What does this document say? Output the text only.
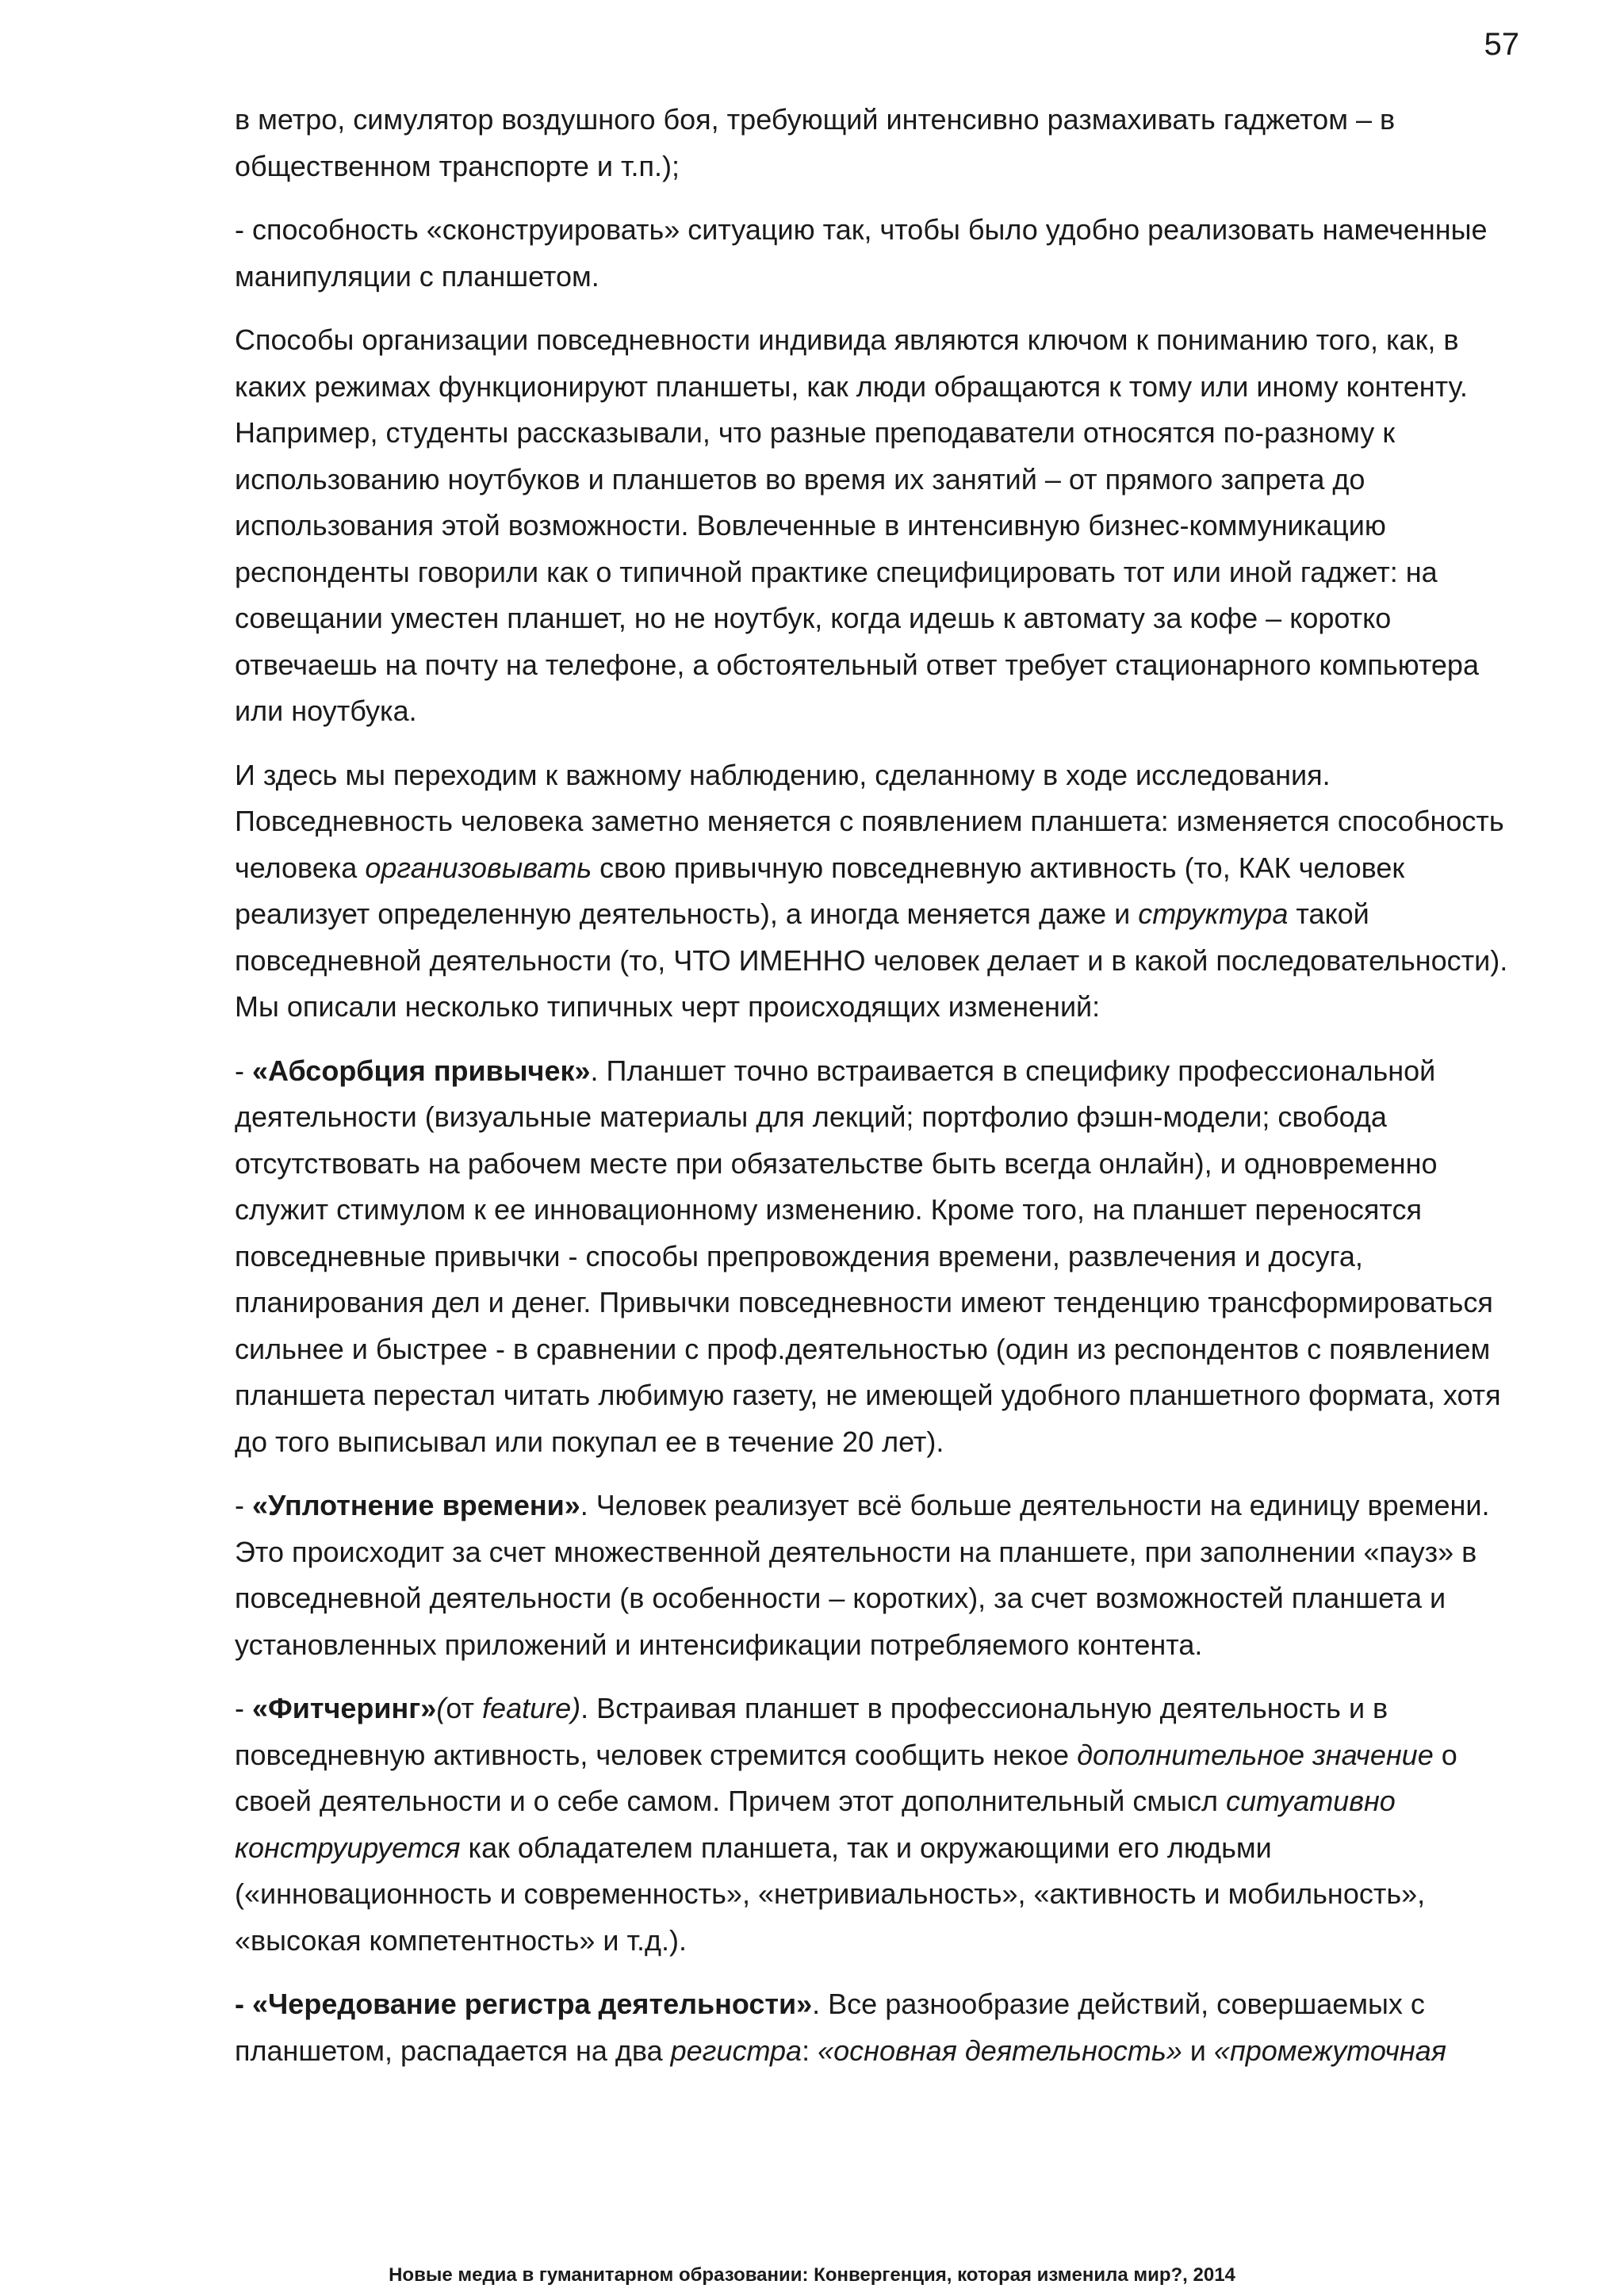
57

в метро, симулятор воздушного боя, требующий интенсивно размахивать гаджетом – в общественном транспорте и т.п.);

- способность «сконструировать» ситуацию так, чтобы было удобно реализовать намеченные манипуляции с планшетом.

Способы организации повседневности индивида являются ключом к пониманию того, как, в каких режимах функционируют планшеты, как люди обращаются к тому или иному контенту. Например, студенты рассказывали, что разные преподаватели относятся по-разному к использованию ноутбуков и планшетов во время их занятий – от прямого запрета до использования этой возможности. Вовлеченные в интенсивную бизнес-коммуникацию респонденты говорили как о типичной практике специфицировать тот или иной гаджет: на совещании уместен планшет, но не ноутбук, когда идешь к автомату за кофе – коротко отвечаешь на почту на телефоне, а обстоятельный ответ требует стационарного компьютера или ноутбука.

И здесь мы переходим к важному наблюдению, сделанному в ходе исследования. Повседневность человека заметно меняется с появлением планшета: изменяется способность человека организовывать свою привычную повседневную активность (то, КАК человек реализует определенную деятельность), а иногда меняется даже и структура такой повседневной деятельности (то, ЧТО ИМЕННО человек делает и в какой последовательности). Мы описали несколько типичных черт происходящих изменений:

- «Абсорбция привычек». Планшет точно встраивается в специфику профессиональной деятельности (визуальные материалы для лекций; портфолио фэшн-модели; свобода отсутствовать на рабочем месте при обязательстве быть всегда онлайн), и одновременно служит стимулом к ее инновационному изменению. Кроме того, на планшет переносятся повседневные привычки - способы препровождения времени, развлечения и досуга, планирования дел и денег. Привычки повседневности имеют тенденцию трансформироваться сильнее и быстрее - в сравнении с проф.деятельностью (один из респондентов с появлением планшета перестал читать любимую газету, не имеющей удобного планшетного формата, хотя до того выписывал или покупал ее в течение 20 лет).

- «Уплотнение времени». Человек реализует всё больше деятельности на единицу времени. Это происходит за счет множественной деятельности на планшете, при заполнении «пауз» в повседневной деятельности (в особенности – коротких), за счет возможностей планшета и установленных приложений и интенсификации потребляемого контента.

- «Фитчеринг»(от feature). Встраивая планшет в профессиональную деятельность и в повседневную активность, человек стремится сообщить некое дополнительное значение о своей деятельности и о себе самом. Причем этот дополнительный смысл ситуативно конструируется как обладателем планшета, так и окружающими его людьми («инновационность и современность», «нетривиальность», «активность и мобильность», «высокая компетентность» и т.д.).

- «Чередование регистра деятельности». Все разнообразие действий, совершаемых с планшетом, распадается на два регистра: «основная деятельность» и «промежуточная

Новые медиа в гуманитарном образовании: Конвергенция, которая изменила мир?, 2014
